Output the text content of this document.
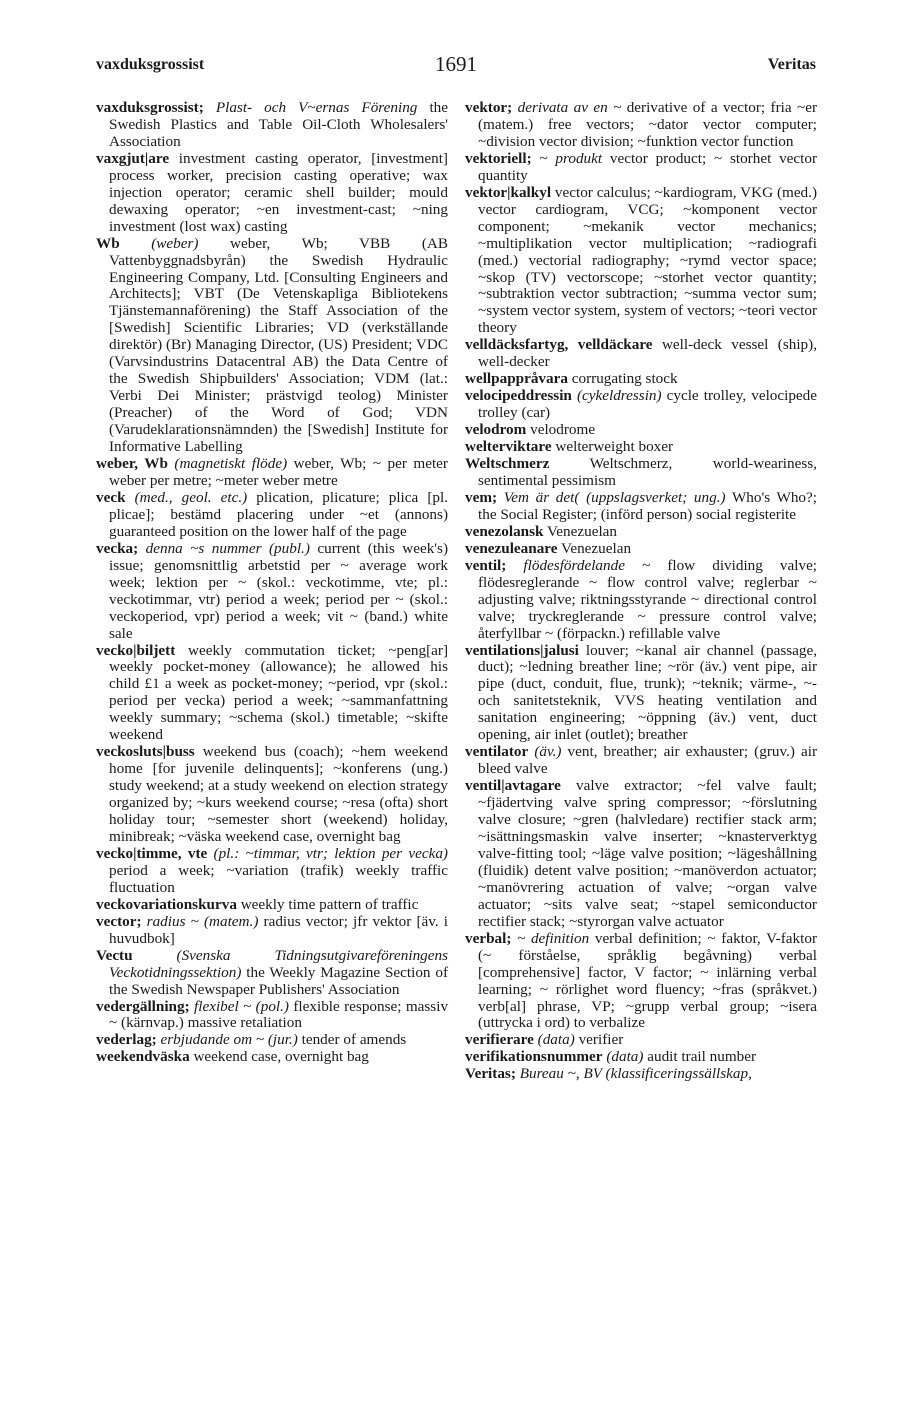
vaxduksgrossist	1691	Veritas
vaxduksgrossist; Plast- och V~ernas Förening the Swedish Plastics and Table Oil-Cloth Wholesalers' Association
vaxgjut|are investment casting operator, [investment] process worker, precision casting operative; wax injection operator; ceramic shell builder; mould dewaxing operator; ~en investment-cast; ~ning investment (lost wax) casting
Wb (weber) weber, Wb; VBB (AB Vattenbyggnadsbyrån) the Swedish Hydraulic Engineering Company, Ltd. [Consulting Engineers and Architects]; VBT (De Vetenskapliga Bibliotekens Tjänstemannaförening) the Staff Association of the [Swedish] Scientific Libraries; VD (verkställande direktör) (Br) Managing Director, (US) President; VDC (Varvsindustrins Datacentral AB) the Data Centre of the Swedish Shipbuilders' Association; VDM (lat.: Verbi Dei Minister; prästvigd teolog) Minister (Preacher) of the Word of God; VDN (Varudeklarationsnämnden) the [Swedish] Institute for Informative Labelling
weber, Wb (magnetiskt flöde) weber, Wb; ~ per meter weber per metre; ~meter weber metre
veck (med., geol. etc.) plication, plicature; plica [pl. plicae]; bestämd placering under ~et (annons) guaranteed position on the lower half of the page
vecka; denna ~s nummer (publ.) current (this week's) issue; genomsnittlig arbetstid per ~ average work week; lektion per ~ (skol.: veckotimme, vte; pl.: veckotimmar, vtr) period a week; period per ~ (skol.: veckoperiod, vpr) period a week; vit ~ (band.) white sale
vecko|biljett weekly commutation ticket; ~peng[ar] weekly pocket-money (allowance); he allowed his child £1 a week as pocket-money; ~period, vpr (skol.: period per vecka) period a week; ~sammanfattning weekly summary; ~schema (skol.) timetable; ~skifte weekend
veckosluts|buss weekend bus (coach); ~hem weekend home [for juvenile delinquents]; ~konferens (ung.) study weekend; at a study weekend on election strategy organized by; ~kurs weekend course; ~resa (ofta) short holiday tour; ~semester short (weekend) holiday, minibreak; ~väska weekend case, overnight bag
vecko|timme, vte (pl.: ~timmar, vtr; lektion per vecka) period a week; ~variation (trafik) weekly traffic fluctuation
veckovariationskurva weekly time pattern of traffic
vector; radius ~ (matem.) radius vector; jfr vektor [äv. i huvudbok]
Vectu	(Svenska Tidningsutgivareföreningens Veckotidningssektion) the Weekly Magazine Section of the Swedish Newspaper Publishers' Association
vedergällning; flexibel ~ (pol.) flexible response; massiv ~ (kärnvap.) massive retaliation
vederlag; erbjudande om ~ (jur.) tender of amends
weekendväska weekend case, overnight bag
vektor; derivata av en ~ derivative of a vector; fria ~er (matem.) free vectors; ~dator vector computer; ~division vector division; ~funktion vector function
vektoriell; ~ produkt vector product; ~ storhet vector quantity
vektor|kalkyl vector calculus; ~kardiogram, VKG (med.) vector cardiogram, VCG; ~komponent vector component; ~mekanik vector mechanics; ~multiplikation vector multiplication; ~radiografi (med.) vectorial radiography; ~rymd vector space; ~skop (TV) vectorscope; ~storhet vector quantity; ~subtraktion vector subtraction; ~summa vector sum; ~system vector system, system of vectors; ~teori vector theory
velldäcksfartyg, velldäckare well-deck vessel (ship), well-decker
wellpappråvara corrugating stock
velocipeddressin (cykeldressin) cycle trolley, velocipede trolley (car)
velodrom velodrome
welterviktare welterweight boxer
Weltschmerz	Weltschmerz, world-weariness, sentimental pessimism
vem; Vem är det( (uppslagsverket; ung.) Who's Who?; the Social Register; (införd person) social registerite
venezolansk Venezuelan
venezuleanare Venezuelan
ventil; flödesfördelande ~ flow dividing valve; flödesreglerande ~ flow control valve; reglerbar ~ adjusting valve; riktningsstyrande ~ directional control valve; tryckreglerande ~ pressure control valve; återfyllbar ~ (förpackn.) refillable valve
ventilations|jalusi louver; ~kanal air channel (passage, duct); ~ledning breather line; ~rör (äv.) vent pipe, air pipe (duct, conduit, flue, trunk); ~teknik; värme-, ~- och sanitetsteknik, VVS heating ventilation and sanitation engineering; ~öppning (äv.) vent, duct opening, air inlet (outlet); breather
ventilator (äv.) vent, breather; air exhauster; (gruv.) air bleed valve
ventil|avtagare valve extractor; ~fel valve fault; ~fjädertving valve spring compressor; ~förslutning valve closure; ~gren (halvledare) rectifier stack arm; ~isättningsmaskin valve inserter; ~knasterverktyg valve-fitting tool; ~läge valve position; ~lägeshållning (fluidik) detent valve position; ~manöverdon actuator; ~manövrering actuation of valve; ~organ valve actuator; ~sits valve seat; ~stapel semiconductor rectifier stack; ~styrorgan valve actuator
verbal; ~ definition verbal definition; ~ faktor, V-faktor (~ förståelse, språklig begåvning) verbal [comprehensive] factor, V factor; ~ inlärning verbal learning; ~ rörlighet word fluency; ~fras (språkvet.) verb[al] phrase, VP; ~grupp verbal group; ~isera (uttrycka i ord) to verbalize
verifierare (data) verifier
verifikationsnummer (data) audit trail number
Veritas; Bureau ~, BV (klassificeringssällskap,
